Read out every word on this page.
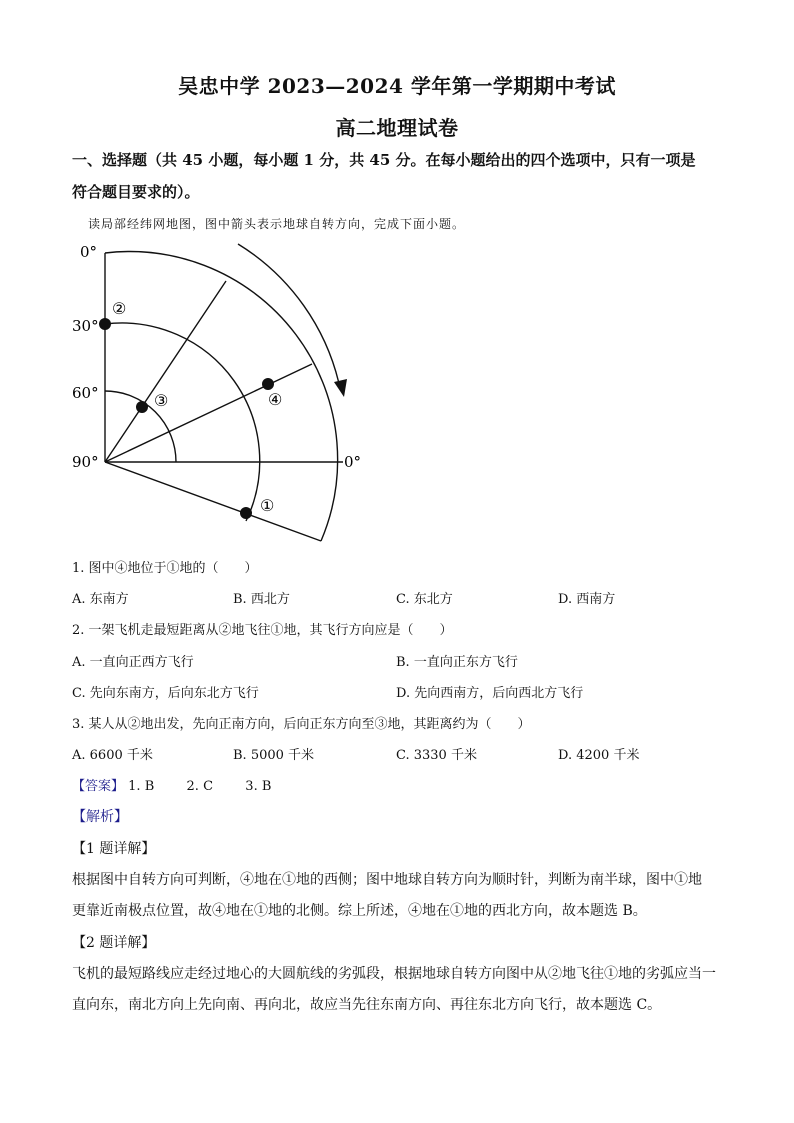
吴忠中学 2023—2024 学年第一学期期中考试
高二地理试卷
一、选择题（共 45 小题，每小题 1 分，共 45 分。在每小题给出的四个选项中，只有一项是
符合题目要求的）。
读局部经纬网地图，图中箭头表示地球自转方向，完成下面小题。
0°
30°
60°
90°	0°
②
③	④
①
1. 图中④地位于①地的（　　）
A. 东南方	B. 西北方	C. 东北方	D. 西南方
2. 一架飞机走最短距离从②地飞往①地，其飞行方向应是（　　）
A. 一直向正西方飞行	B. 一直向正东方飞行
C. 先向东南方，后向东北方飞行	D. 先向西南方，后向西北方飞行
3. 某人从②地出发，先向正南方向，后向正东方向至③地，其距离约为（　　）
A. 6600 千米	B. 5000 千米	C. 3330 千米	D. 4200 千米
【答案】 1. B 2. C 3. B
【解析】
【1 题详解】
根据图中自转方向可判断，④地在①地的西侧；图中地球自转方向为顺时针，判断为南半球，图中①地
更靠近南极点位置，故④地在①地的北侧。综上所述，④地在①地的西北方向，故本题选 B。
【2 题详解】
飞机的最短路线应走经过地心的大圆航线的劣弧段，根据地球自转方向图中从②地飞往①地的劣弧应当一
直向东，南北方向上先向南、再向北，故应当先往东南方向、再往东北方向飞行，故本题选 C。
